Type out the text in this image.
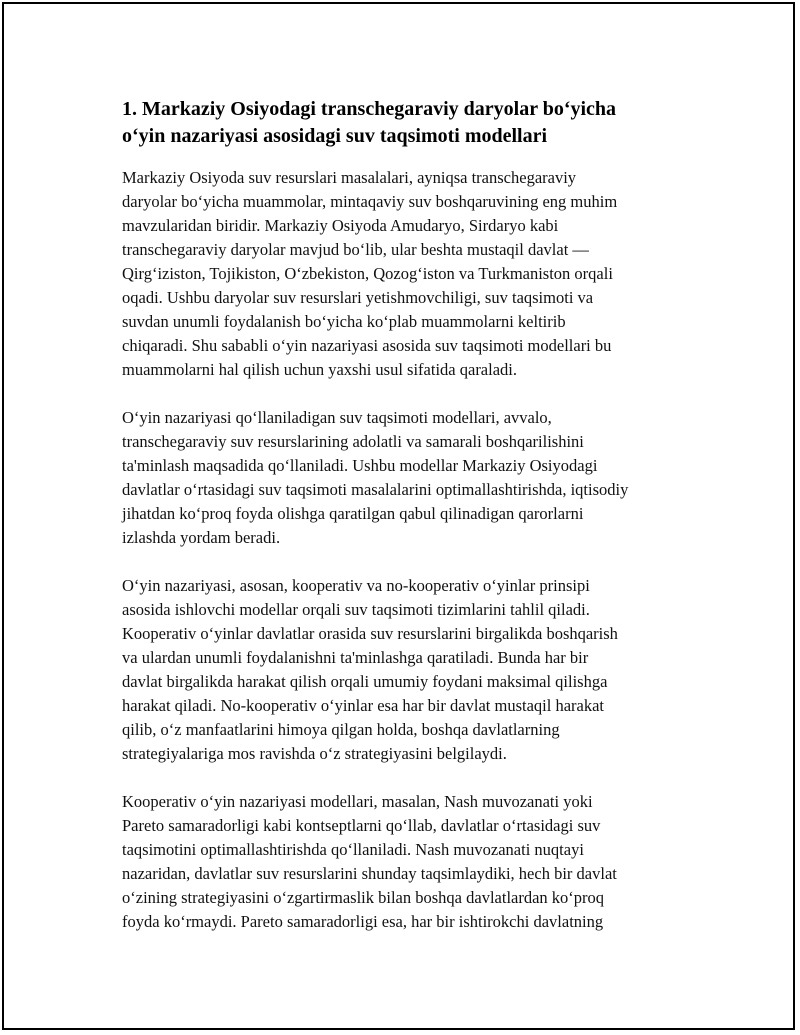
1. Markaziy Osiyodagi transchegaraviy daryolar bo‘yicha
o‘yin nazariyasi asosidagi suv taqsimoti modellari

Markaziy Osiyoda suv resurslari masalalari, ayniqsa transchegaraviy
daryolar bo‘yicha muammolar, mintaqaviy suv boshqaruvining eng muhim
mavzularidan biridir. Markaziy Osiyoda Amudaryo, Sirdaryo kabi
transchegaraviy daryolar mavjud bo‘lib, ular beshta mustaqil davlat —
Qirg‘iziston, Tojikiston, O‘zbekiston, Qozog‘iston va Turkmaniston orqali
oqadi. Ushbu daryolar suv resurslari yetishmovchiligi, suv taqsimoti va
suvdan unumli foydalanish bo‘yicha ko‘plab muammolarni keltirib
chiqaradi. Shu sababli o‘yin nazariyasi asosida suv taqsimoti modellari bu
muammolarni hal qilish uchun yaxshi usul sifatida qaraladi.

O‘yin nazariyasi qo‘llaniladigan suv taqsimoti modellari, avvalo,
transchegaraviy suv resurslarining adolatli va samarali boshqarilishini
ta'minlash maqsadida qo‘llaniladi. Ushbu modellar Markaziy Osiyodagi
davlatlar o‘rtasidagi suv taqsimoti masalalarini optimallashtirishda, iqtisodiy
jihatdan ko‘proq foyda olishga qaratilgan qabul qilinadigan qarorlarni
izlashda yordam beradi.

O‘yin nazariyasi, asosan, kooperativ va no-kooperativ o‘yinlar prinsipi
asosida ishlovchi modellar orqali suv taqsimoti tizimlarini tahlil qiladi.
Kooperativ o‘yinlar davlatlar orasida suv resurslarini birgalikda boshqarish
va ulardan unumli foydalanishni ta'minlashga qaratiladi. Bunda har bir
davlat birgalikda harakat qilish orqali umumiy foydani maksimal qilishga
harakat qiladi. No-kooperativ o‘yinlar esa har bir davlat mustaqil harakat
qilib, o‘z manfaatlarini himoya qilgan holda, boshqa davlatlarning
strategiyalariga mos ravishda o‘z strategiyasini belgilaydi.

Kooperativ o‘yin nazariyasi modellari, masalan, Nash muvozanati yoki
Pareto samaradorligi kabi kontseptlarni qo‘llab, davlatlar o‘rtasidagi suv
taqsimotini optimallashtirishda qo‘llaniladi. Nash muvozanati nuqtayi
nazaridan, davlatlar suv resurslarini shunday taqsimlaydiki, hech bir davlat
o‘zining strategiyasini o‘zgartirmaslik bilan boshqa davlatlardan ko‘proq
foyda ko‘rmaydi. Pareto samaradorligi esa, har bir ishtirokchi davlatning
